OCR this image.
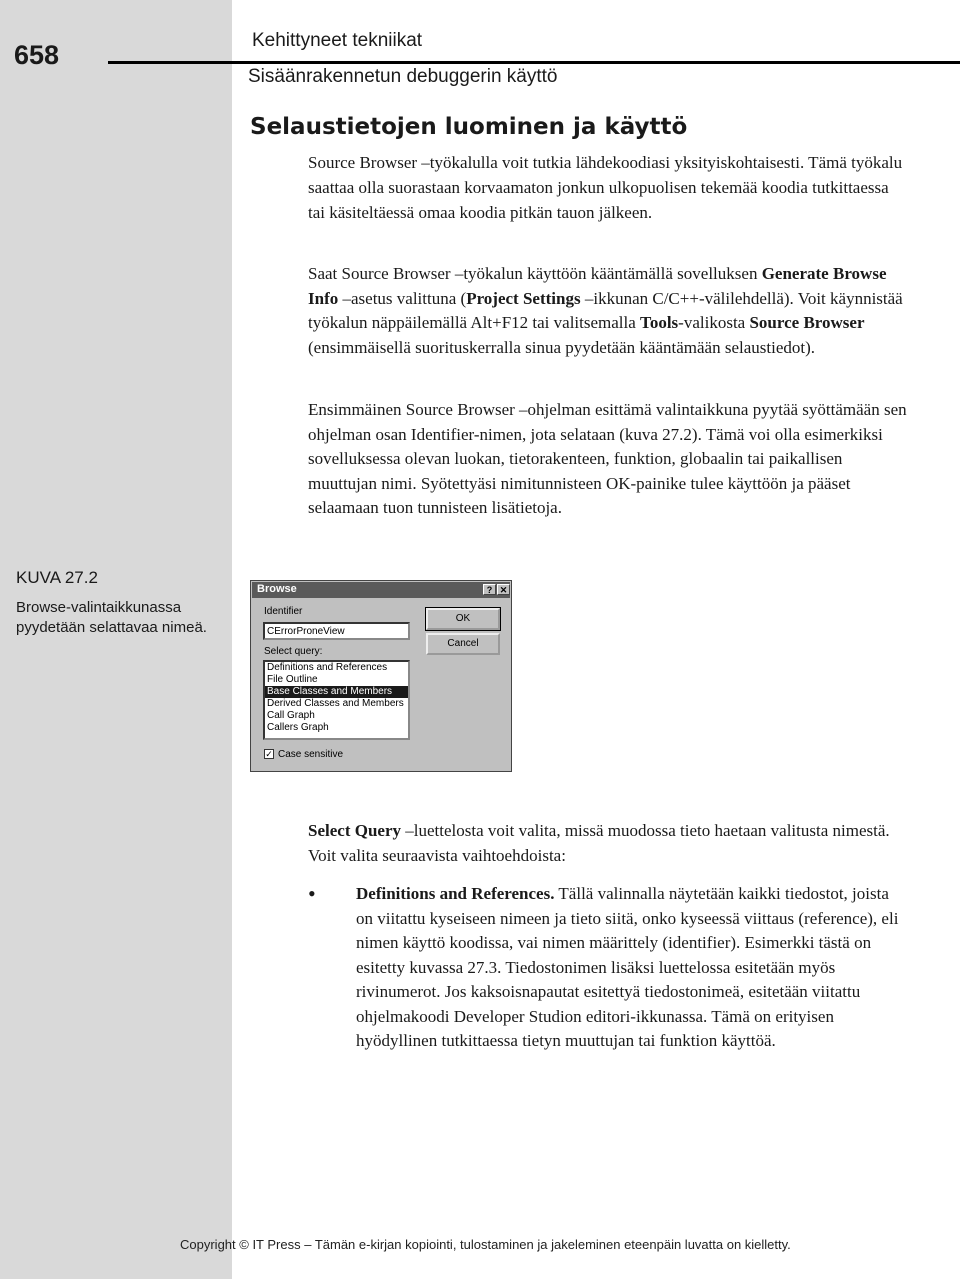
658	Kehittyneet tekniikat
Sisäänrakennetun debuggerin käyttö
Selaustietojen luominen ja käyttö

Source Browser –työkalulla voit tutkia lähdekoodiasi yksityiskohtaisesti. Tämä työkalu saattaa olla suorastaan korvaamaton jonkun ulkopuolisen tekemää koodia tutkittaessa tai käsiteltäessä omaa koodia pitkän tauon jälkeen.

Saat Source Browser –työkalun käyttöön kääntämällä sovelluksen Generate Browse Info –asetus valittuna (Project Settings –ikkunan C/C++-välilehdellä). Voit käynnistää työkalun näppäilemällä Alt+F12 tai valitsemalla Tools-valikosta Source Browser (ensimmäisellä suorituskerralla sinua pyydetään kääntämään selaustiedot).

Ensimmäinen Source Browser –ohjelman esittämä valintaikkuna pyytää syöttämään sen ohjelman osan Identifier-nimen, jota selataan (kuva 27.2). Tämä voi olla esimerkiksi sovelluksessa olevan luokan, tietorakenteen, funktion, globaalin tai paikallisen muuttujan nimi. Syötettyäsi nimitunnisteen OK-painike tulee käyttöön ja pääset selaamaan tuon tunnisteen lisätietoja.

KUVA 27.2
Browse-valintaikkunassa pyydetään selattavaa nimeä.
Browse	? ✕
Identifier
CErrorProneView
OK
Cancel
Select query:
Definitions and References
File Outline
Base Classes and Members
Derived Classes and Members
Call Graph
Callers Graph
✓ Case sensitive

Select Query –luettelosta voit valita, missä muodossa tieto haetaan valitusta nimestä. Voit valita seuraavista vaihtoehdoista:

• Definitions and References. Tällä valinnalla näytetään kaikki tiedostot, joista on viitattu kyseiseen nimeen ja tieto siitä, onko kyseessä viittaus (reference), eli nimen käyttö koodissa, vai nimen määrittely (identifier). Esimerkki tästä on esitetty kuvassa 27.3. Tiedostonimen lisäksi luettelossa esitetään myös rivinumerot. Jos kaksoisnapautat esitettyä tiedostonimeä, esitetään viitattu ohjelmakoodi Developer Studion editori-ikkunassa. Tämä on erityisen hyödyllinen tutkittaessa tietyn muuttujan tai funktion käyttöä.
Copyright © IT Press – Tämän e-kirjan kopiointi, tulostaminen ja jakeleminen eteenpäin luvatta on kielletty.
